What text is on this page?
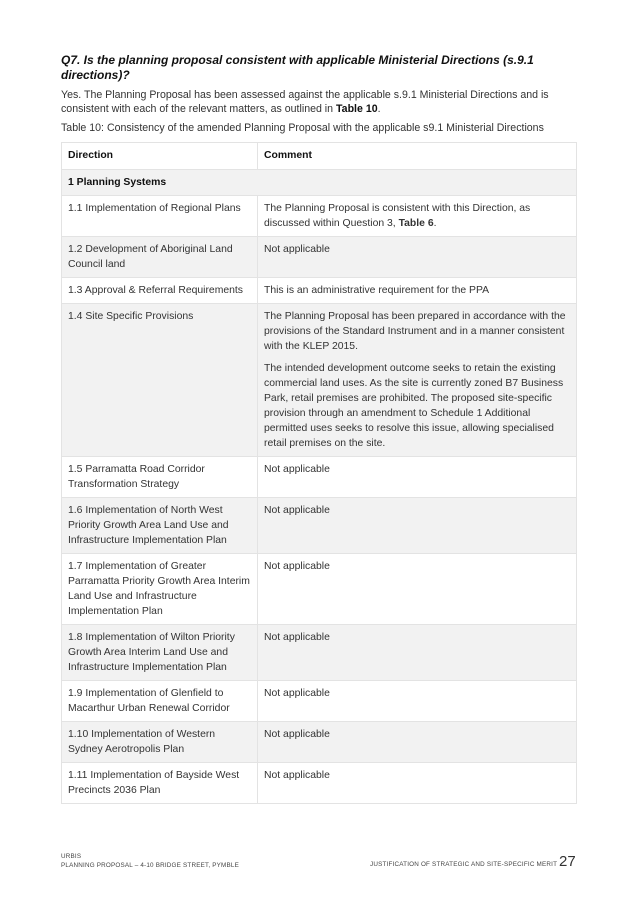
Q7. Is the planning proposal consistent with applicable Ministerial Directions (s.9.1 directions)?
Yes. The Planning Proposal has been assessed against the applicable s.9.1 Ministerial Directions and is consistent with each of the relevant matters, as outlined in Table 10.
Table 10: Consistency of the amended Planning Proposal with the applicable s9.1 Ministerial Directions
Direction	Comment
1 Planning Systems	
1.1 Implementation of Regional Plans	The Planning Proposal is consistent with this Direction, as discussed within Question 3, Table 6.
1.2 Development of Aboriginal Land Council land	Not applicable
1.3 Approval & Referral Requirements	This is an administrative requirement for the PPA
1.4 Site Specific Provisions	The Planning Proposal has been prepared in accordance with the provisions of the Standard Instrument and in a manner consistent with the KLEP 2015.

The intended development outcome seeks to retain the existing commercial land uses. As the site is currently zoned B7 Business Park, retail premises are prohibited. The proposed site-specific provision through an amendment to Schedule 1 Additional permitted uses seeks to resolve this issue, allowing specialised retail premises on the site.

1.5 Parramatta Road Corridor Transformation Strategy	Not applicable
1.6 Implementation of North West Priority Growth Area Land Use and Infrastructure Implementation Plan	Not applicable
1.7 Implementation of Greater Parramatta Priority Growth Area Interim Land Use and Infrastructure Implementation Plan	Not applicable
1.8 Implementation of Wilton Priority Growth Area Interim Land Use and Infrastructure Implementation Plan	Not applicable
1.9 Implementation of Glenfield to Macarthur Urban Renewal Corridor	Not applicable
1.10 Implementation of Western Sydney Aerotropolis Plan	Not applicable
1.11 Implementation of Bayside West Precincts 2036 Plan	Not applicable
URBIS
PLANNING PROPOSAL – 4-10 BRIDGE STREET, PYMBLE	JUSTIFICATION OF STRATEGIC AND SITE-SPECIFIC MERIT 27
